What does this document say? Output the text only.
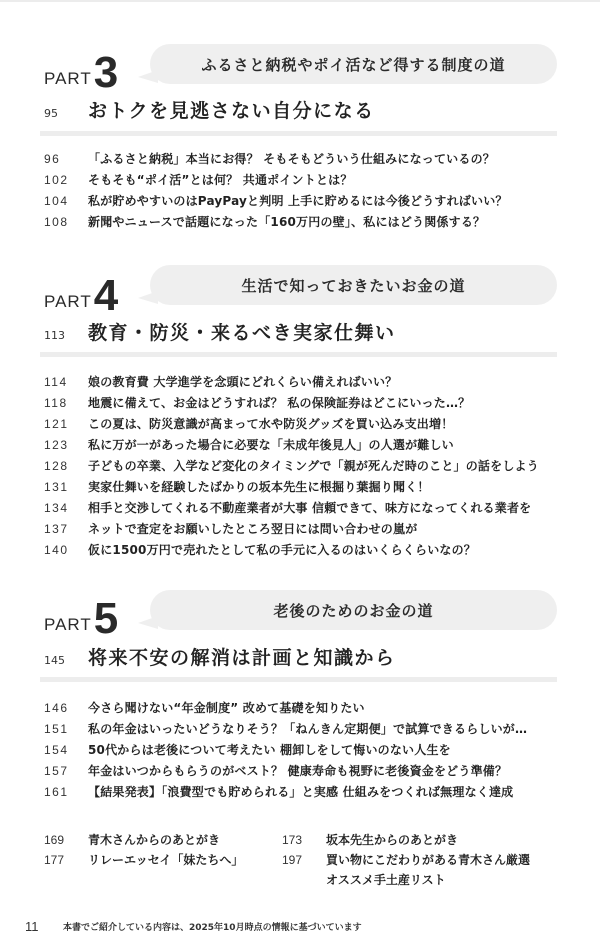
PART3	ふるさと納税やポイ活など得する制度の道
95	おトクを見逃さない自分になる
96	「ふるさと納税」本当にお得？ そもそもどういう仕組みになっているの？
102	そもそも“ポイ活”とは何？ 共通ポイントとは？
104	私が貯めやすいのはPayPayと判明 上手に貯めるには今後どうすればいい？
108	新聞やニュースで話題になった「160万円の壁」、私にはどう関係する？
PART4	生活で知っておきたいお金の道
113	教育・防災・来るべき実家仕舞い
114	娘の教育費 大学進学を念頭にどれくらい備えればいい？
118	地震に備えて、お金はどうすれば？ 私の保険証券はどこにいった…？
121	この夏は、防災意識が高まって水や防災グッズを買い込み支出増！
123	私に万が一があった場合に必要な「未成年後見人」の人選が難しい
128	子どもの卒業、入学など変化のタイミングで「親が死んだ時のこと」の話をしよう
131	実家仕舞いを経験したばかりの坂本先生に根掘り葉掘り聞く！
134	相手と交渉してくれる不動産業者が大事 信頼できて、味方になってくれる業者を
137	ネットで査定をお願いしたところ翌日には問い合わせの嵐が
140	仮に1500万円で売れたとして私の手元に入るのはいくらくらいなの？
PART5	老後のためのお金の道
145	将来不安の解消は計画と知識から
146	今さら聞けない“年金制度” 改めて基礎を知りたい
151	私の年金はいったいどうなりそう？「ねんきん定期便」で試算できるらしいが…
154	50代からは老後について考えたい 棚卸しをして悔いのない人生を
157	年金はいつからもらうのがベスト？ 健康寿命も視野に老後資金をどう準備？
161	【結果発表】「浪費型でも貯められる」と実感 仕組みをつくれば無理なく達成
169	青木さんからのあとがき	173	坂本先生からのあとがき
177	リレーエッセイ「妹たちへ」	197	買い物にこだわりがある青木さん厳選
オススメ手土産リスト
11	本書でご紹介している内容は、2025年10月時点の情報に基づいています
